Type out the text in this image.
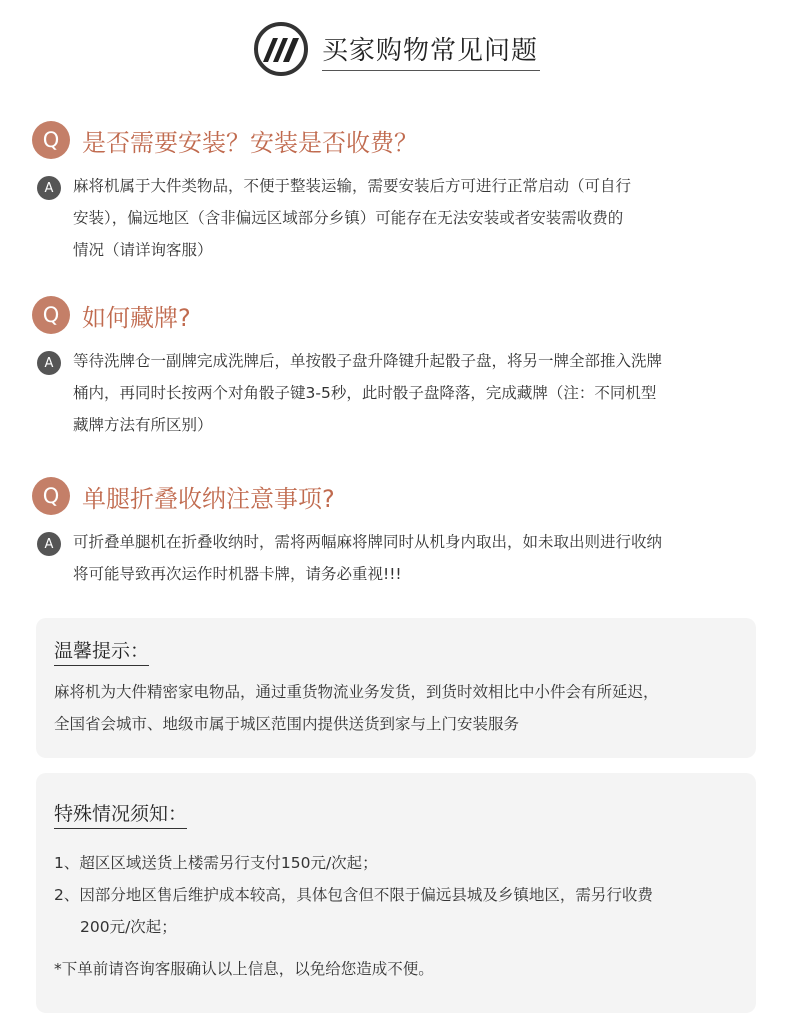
买家购物常见问题
Q 是否需要安装？安装是否收费？
A	麻将机属于大件类物品，不便于整装运输，需要安装后方可进行正常启动（可自行
安装），偏远地区（含非偏远区域部分乡镇）可能存在无法安装或者安装需收费的
情况（请详询客服）
Q 如何藏牌?
A	等待洗牌仓一副牌完成洗牌后，单按骰子盘升降键升起骰子盘，将另一牌全部推入洗牌
桶内，再同时长按两个对角骰子键3-5秒，此时骰子盘降落，完成藏牌（注：不同机型
藏牌方法有所区别）
Q 单腿折叠收纳注意事项?
A	可折叠单腿机在折叠收纳时，需将两幅麻将牌同时从机身内取出，如未取出则进行收纳
将可能导致再次运作时机器卡牌，请务必重视!!!
温馨提示：
麻将机为大件精密家电物品，通过重货物流业务发货，到货时效相比中小件会有所延迟，
全国省会城市、地级市属于城区范围内提供送货到家与上门安装服务
特殊情况须知：
1、超区区域送货上楼需另行支付150元/次起；
2、因部分地区售后维护成本较高，具体包含但不限于偏远县城及乡镇地区，需另行收费
200元/次起；
*下单前请咨询客服确认以上信息，以免给您造成不便。
